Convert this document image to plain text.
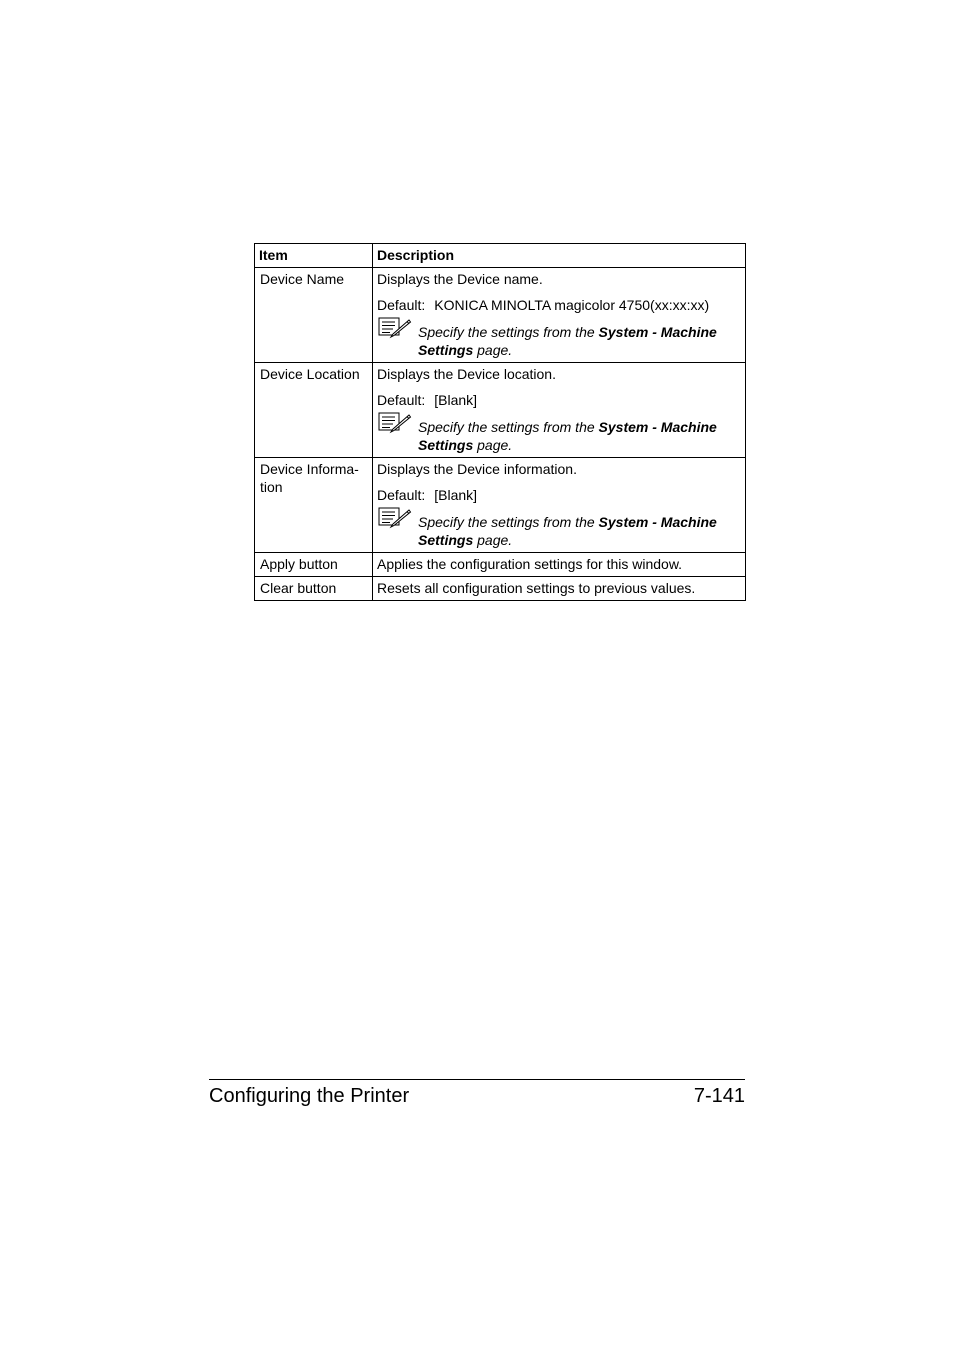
Item	Description
Device Name	Displays the Device name.
Default: KONICA MINOLTA magicolor 4750(xx:xx:xx)
Specify the settings from the System - Machine
Settings page.

Device Location	Displays the Device location.
Default: [Blank]
Specify the settings from the System - Machine
Settings page.

Device Informa-
tion	Displays the Device information.
Default: [Blank]
Specify the settings from the System - Machine
Settings page.

Apply button	Applies the configuration settings for this window.
Clear button	Resets all configuration settings to previous values.
Configuring the Printer	7-141
